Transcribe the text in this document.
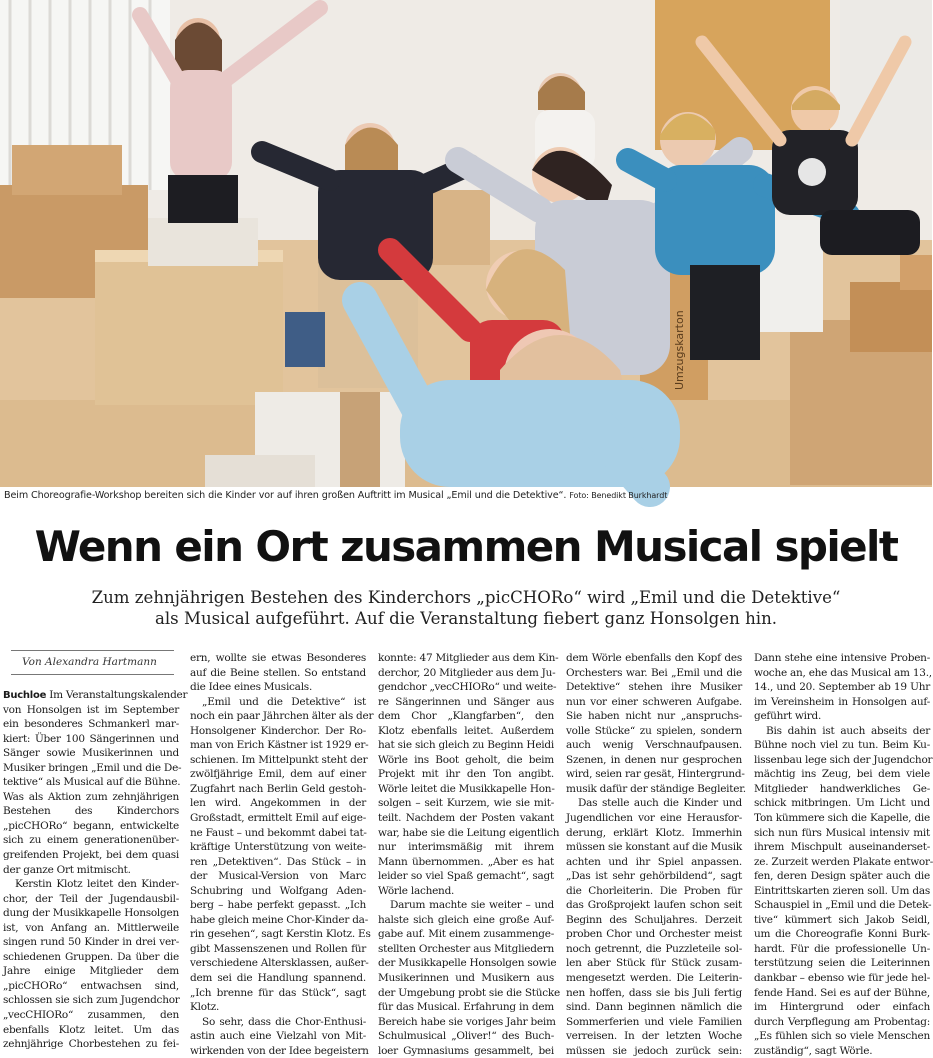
Umzugskarton
Beim Choreografie-Workshop bereiten sich die Kinder vor auf ihren großen Auftritt im Musical „Emil und die Detektive“. Foto: Benedikt Burkhardt
Wenn ein Ort zusammen Musical spielt
Zum zehnjährigen Bestehen des Kinderchors „picCHORo“ wird „Emil und die Detektive“
als Musical aufgeführt. Auf die Veranstaltung fiebert ganz Honsolgen hin.
Von Alexandra Hartmann
Buchloe Im Veranstaltungskalender
von Honsolgen ist im September
ein besonderes Schmankerl mar-
kiert: Über 100 Sängerinnen und
Sänger sowie Musikerinnen und
Musiker bringen „Emil und die De-
tektive“ als Musical auf die Bühne.
Was als Aktion zum zehnjährigen
Bestehen des Kinderchors
„picCHORo“ begann, entwickelte
sich zu einem generationenüber-
greifenden Projekt, bei dem quasi
der ganze Ort mitmischt.
Kerstin Klotz leitet den Kinder-
chor, der Teil der Jugendausbil-
dung der Musikkapelle Honsolgen
ist, von Anfang an. Mittlerweile
singen rund 50 Kinder in drei ver-
schiedenen Gruppen. Da über die
Jahre einige Mitglieder dem
„picCHORo“ entwachsen sind,
schlossen sie sich zum Jugendchor
„vecCHIORo“ zusammen, den
ebenfalls Klotz leitet. Um das
zehnjährige Chorbestehen zu fei-
ern, wollte sie etwas Besonderes
auf die Beine stellen. So entstand
die Idee eines Musicals.
„Emil und die Detektive“ ist
noch ein paar Jährchen älter als der
Honsolgener Kinderchor. Der Ro-
man von Erich Kästner ist 1929 er-
schienen. Im Mittelpunkt steht der
zwölfjährige Emil, dem auf einer
Zugfahrt nach Berlin Geld gestoh-
len wird. Angekommen in der
Großstadt, ermittelt Emil auf eige-
ne Faust – und bekommt dabei tat-
kräftige Unterstützung von weite-
ren „Detektiven“. Das Stück – in
der Musical-Version von Marc
Schubring und Wolfgang Aden-
berg – habe perfekt gepasst. „Ich
habe gleich meine Chor-Kinder da-
rin gesehen“, sagt Kerstin Klotz. Es
gibt Massenszenen und Rollen für
verschiedene Altersklassen, außer-
dem sei die Handlung spannend.
„Ich brenne für das Stück“, sagt
Klotz.
So sehr, dass die Chor-Enthusi-
astin auch eine Vielzahl von Mit-
wirkenden von der Idee begeistern
konnte: 47 Mitglieder aus dem Kin-
derchor, 20 Mitglieder aus dem Ju-
gendchor „vecCHIORo“ und weite-
re Sängerinnen und Sänger aus
dem Chor „Klangfarben“, den
Klotz ebenfalls leitet. Außerdem
hat sie sich gleich zu Beginn Heidi
Wörle ins Boot geholt, die beim
Projekt mit ihr den Ton angibt.
Wörle leitet die Musikkapelle Hon-
solgen – seit Kurzem, wie sie mit-
teilt. Nachdem der Posten vakant
war, habe sie die Leitung eigentlich
nur interimsmäßig mit ihrem
Mann übernommen. „Aber es hat
leider so viel Spaß gemacht“, sagt
Wörle lachend.
Darum machte sie weiter – und
halste sich gleich eine große Auf-
gabe auf. Mit einem zusammenge-
stellten Orchester aus Mitgliedern
der Musikkapelle Honsolgen sowie
Musikerinnen und Musikern aus
der Umgebung probt sie die Stücke
für das Musical. Erfahrung in dem
Bereich habe sie voriges Jahr beim
Schulmusical „Oliver!“ des Buch-
loer Gymnasiums gesammelt, bei
dem Wörle ebenfalls den Kopf des
Orchesters war. Bei „Emil und die
Detektive“ stehen ihre Musiker
nun vor einer schweren Aufgabe.
Sie haben nicht nur „anspruchs-
volle Stücke“ zu spielen, sondern
auch wenig Verschnaufpausen.
Szenen, in denen nur gesprochen
wird, seien rar gesät, Hintergrund-
musik dafür der ständige Begleiter.
Das stelle auch die Kinder und
Jugendlichen vor eine Herausfor-
derung, erklärt Klotz. Immerhin
müssen sie konstant auf die Musik
achten und ihr Spiel anpassen.
„Das ist sehr gehörbildend“, sagt
die Chorleiterin. Die Proben für
das Großprojekt laufen schon seit
Beginn des Schuljahres. Derzeit
proben Chor und Orchester meist
noch getrennt, die Puzzleteile sol-
len aber Stück für Stück zusam-
mengesetzt werden. Die Leiterin-
nen hoffen, dass sie bis Juli fertig
sind. Dann beginnen nämlich die
Sommerferien und viele Familien
verreisen. In der letzten Woche
müssen sie jedoch zurück sein:
Dann stehe eine intensive Proben-
woche an, ehe das Musical am 13.,
14., und 20. September ab 19 Uhr
im Vereinsheim in Honsolgen auf-
geführt wird.
Bis dahin ist auch abseits der
Bühne noch viel zu tun. Beim Ku-
lissenbau lege sich der Jugendchor
mächtig ins Zeug, bei dem viele
Mitglieder handwerkliches Ge-
schick mitbringen. Um Licht und
Ton kümmere sich die Kapelle, die
sich nun fürs Musical intensiv mit
ihrem Mischpult auseinanderset-
ze. Zurzeit werden Plakate entwor-
fen, deren Design später auch die
Eintrittskarten zieren soll. Um das
Schauspiel in „Emil und die Detek-
tive“ kümmert sich Jakob Seidl,
um die Choreografie Konni Burk-
hardt. Für die professionelle Un-
terstützung seien die Leiterinnen
dankbar – ebenso wie für jede hel-
fende Hand. Sei es auf der Bühne,
im Hintergrund oder einfach
durch Verpflegung am Probentag:
„Es fühlen sich so viele Menschen
zuständig“, sagt Wörle.
